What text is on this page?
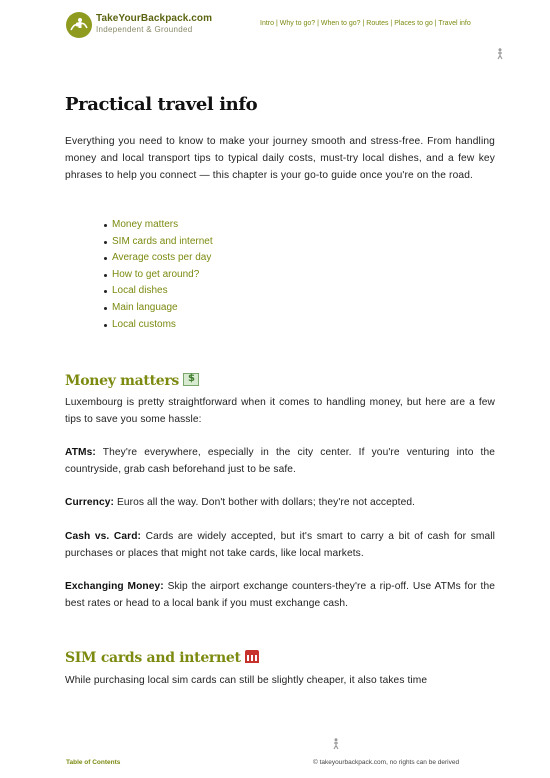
TakeYourBackpack.com
Independent & Grounded
Intro | Why to go? | When to go? | Routes | Places to go | Travel info
Practical travel info

Everything you need to know to make your journey smooth and stress-free. From handling money and local transport tips to typical daily costs, must-try local dishes, and a few key phrases to help you connect — this chapter is your go-to guide once you're on the road.

Money matters
SIM cards and internet
Average costs per day
How to get around?
Local dishes
Main language
Local customs
Money matters$

Luxembourg is pretty straightforward when it comes to handling money, but here are a few tips to save you some hassle:

ATMs: They're everywhere, especially in the city center. If you're venturing into the countryside, grab cash beforehand just to be safe.

Currency: Euros all the way. Don't bother with dollars; they're not accepted.

Cash vs. Card: Cards are widely accepted, but it's smart to carry a bit of cash for small purchases or places that might not take cards, like local markets.

Exchanging Money: Skip the airport exchange counters-they're a rip-off. Use ATMs for the best rates or head to a local bank if you must exchange cash.

SIM cards and internet

While purchasing local sim cards can still be slightly cheaper, it also takes time

Table of Contents	© takeyourbackpack.com, no rights can be derived
